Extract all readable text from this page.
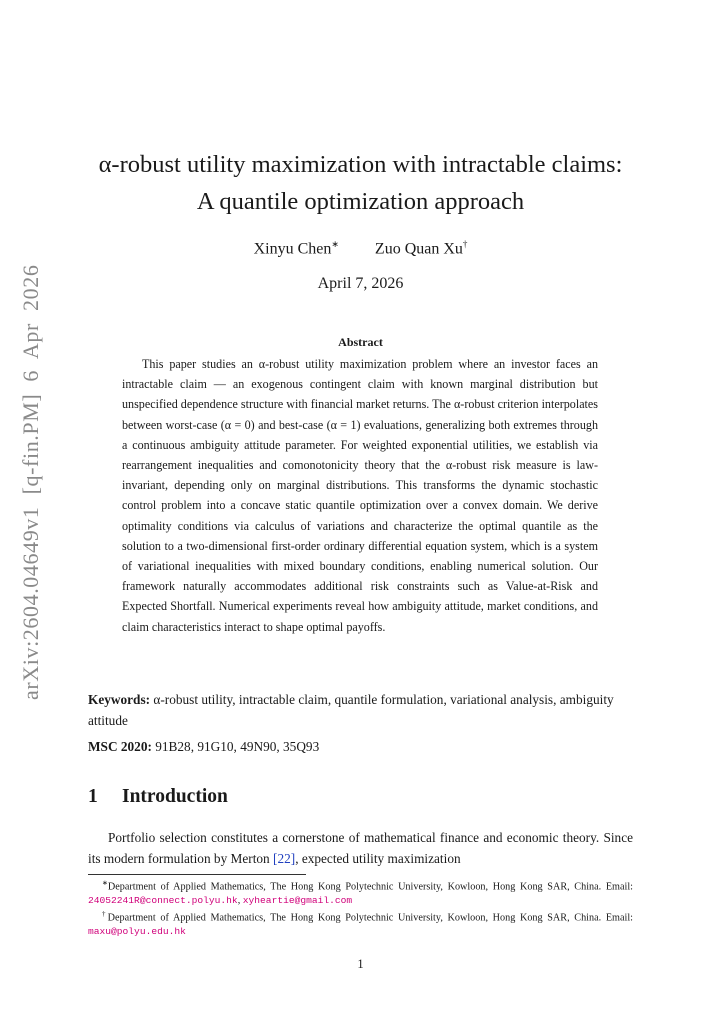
arXiv:2604.04649v1 [q-fin.PM] 6 Apr 2026
α-robust utility maximization with intractable claims:
A quantile optimization approach
Xinyu Chen∗ Zuo Quan Xu†
April 7, 2026
Abstract
This paper studies an α-robust utility maximization problem where an investor faces an intractable claim — an exogenous contingent claim with known marginal distribution but unspecified dependence structure with financial market returns. The α-robust criterion interpolates between worst-case (α = 0) and best-case (α = 1) evaluations, generalizing both extremes through a continuous ambiguity attitude parameter. For weighted exponential utilities, we establish via rearrangement inequalities and comonotonicity theory that the α-robust risk measure is law-invariant, depending only on marginal distributions. This transforms the dynamic stochastic control problem into a concave static quantile optimization over a convex domain. We derive optimality conditions via calculus of variations and characterize the optimal quantile as the solution to a two-dimensional first-order ordinary differential equation system, which is a system of variational inequalities with mixed boundary conditions, enabling numerical solution. Our framework naturally accommodates additional risk constraints such as Value-at-Risk and Expected Shortfall. Numerical experiments reveal how ambiguity attitude, market conditions, and claim characteristics interact to shape optimal payoffs.
Keywords: α-robust utility, intractable claim, quantile formulation, variational analysis, ambiguity attitude
MSC 2020: 91B28, 91G10, 49N90, 35Q93
1 Introduction
Portfolio selection constitutes a cornerstone of mathematical finance and economic theory. Since its modern formulation by Merton [22], expected utility maximization
∗Department of Applied Mathematics, The Hong Kong Polytechnic University, Kowloon, Hong Kong SAR, China. Email: 24052241R@connect.polyu.hk, xyheartie@gmail.com
†Department of Applied Mathematics, The Hong Kong Polytechnic University, Kowloon, Hong Kong SAR, China. Email: maxu@polyu.edu.hk
1
